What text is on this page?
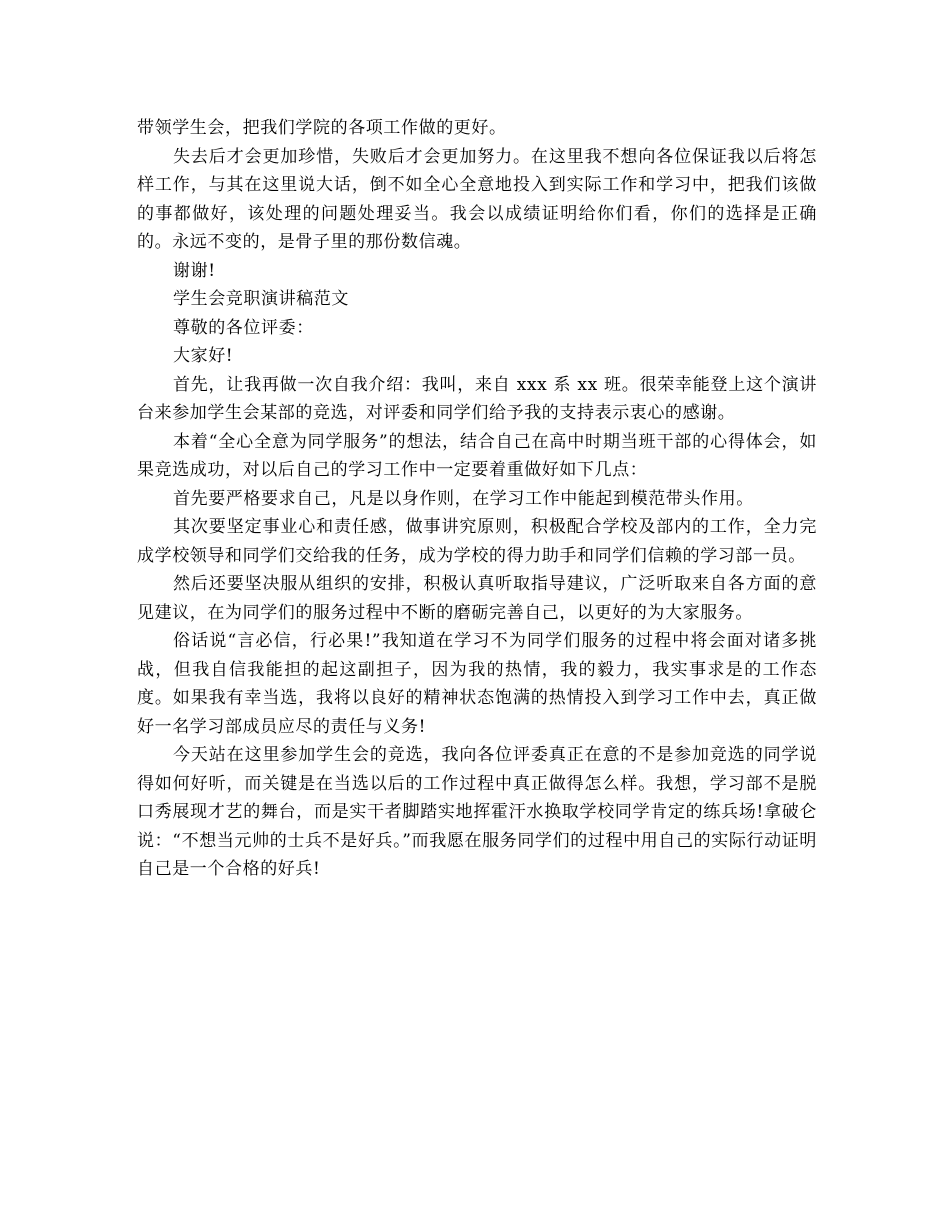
带领学生会，把我们学院的各项工作做的更好。

失去后才会更加珍惜，失败后才会更加努力。在这里我不想向各位保证我以后将怎样工作，与其在这里说大话，倒不如全心全意地投入到实际工作和学习中，把我们该做的事都做好，该处理的问题处理妥当。我会以成绩证明给你们看，你们的选择是正确的。永远不变的，是骨子里的那份数信魂。

谢谢!

学生会竞职演讲稿范文

尊敬的各位评委：

大家好!

首先，让我再做一次自我介绍：我叫，来自 xxx 系 xx 班。很荣幸能登上这个演讲台来参加学生会某部的竞选，对评委和同学们给予我的支持表示衷心的感谢。

本着“全心全意为同学服务”的想法，结合自己在高中时期当班干部的心得体会，如果竞选成功，对以后自己的学习工作中一定要着重做好如下几点：

首先要严格要求自己，凡是以身作则，在学习工作中能起到模范带头作用。

其次要坚定事业心和责任感，做事讲究原则，积极配合学校及部内的工作，全力完成学校领导和同学们交给我的任务，成为学校的得力助手和同学们信赖的学习部一员。

然后还要坚决服从组织的安排，积极认真听取指导建议，广泛听取来自各方面的意见建议，在为同学们的服务过程中不断的磨砺完善自己，以更好的为大家服务。

俗话说“言必信，行必果!”我知道在学习不为同学们服务的过程中将会面对诸多挑战，但我自信我能担的起这副担子，因为我的热情，我的毅力，我实事求是的工作态度。如果我有幸当选，我将以良好的精神状态饱满的热情投入到学习工作中去，真正做好一名学习部成员应尽的责任与义务!

今天站在这里参加学生会的竞选，我向各位评委真正在意的不是参加竞选的同学说得如何好听，而关键是在当选以后的工作过程中真正做得怎么样。我想，学习部不是脱口秀展现才艺的舞台，而是实干者脚踏实地挥霍汗水换取学校同学肯定的练兵场!拿破仑说：“不想当元帅的士兵不是好兵。”而我愿在服务同学们的过程中用自己的实际行动证明自己是一个合格的好兵!
